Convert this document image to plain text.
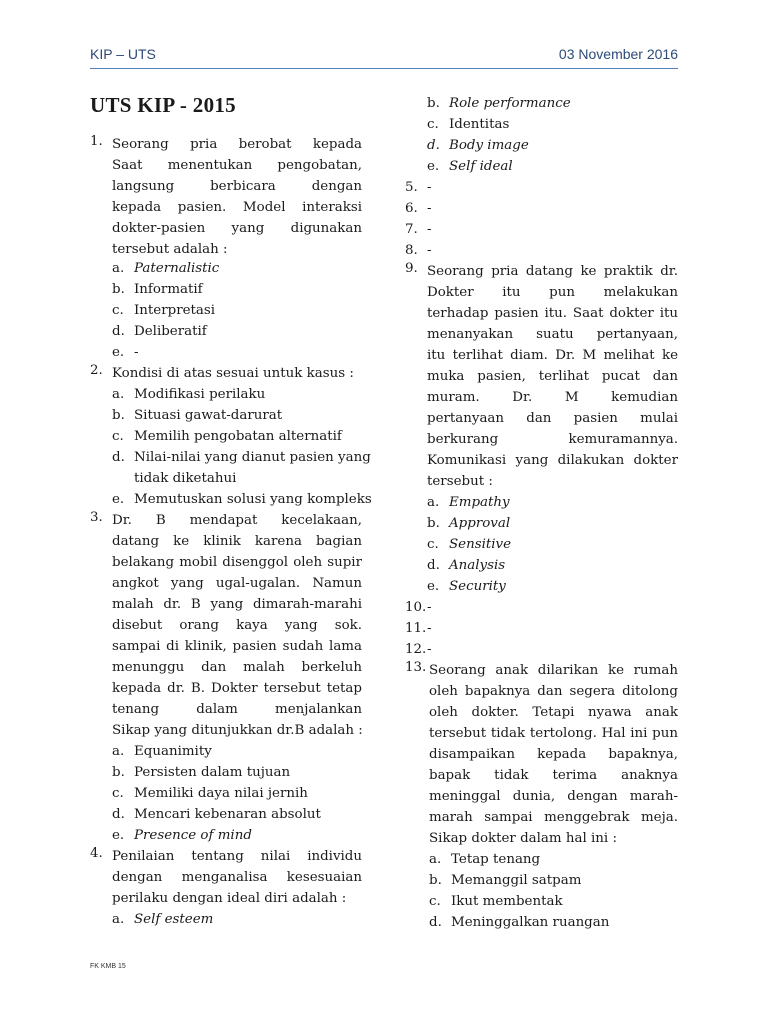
KIP – UTS	03 November 2016
UTS KIP - 2015
1. Seorang pria berobat kepada
Saat menentukan pengobatan,
langsung berbicara dengan
kepada pasien. Model interaksi
dokter-pasien yang digunakan
tersebut adalah :
a. Paternalistic
b. Informatif
c. Interpretasi
d. Deliberatif
e. -
2. Kondisi di atas sesuai untuk kasus :
a. Modifikasi perilaku
b. Situasi gawat-darurat
c. Memilih pengobatan alternatif
d. Nilai-nilai yang dianut pasien yang
tidak diketahui
e. Memutuskan solusi yang kompleks
3. Dr. B mendapat kecelakaan,
datang ke klinik karena bagian
belakang mobil disenggol oleh supir
angkot yang ugal-ugalan. Namun
malah dr. B yang dimarah-marahi
disebut orang kaya yang sok.
sampai di klinik, pasien sudah lama
menunggu dan malah berkeluh
kepada dr. B. Dokter tersebut tetap
tenang dalam menjalankan
Sikap yang ditunjukkan dr.B adalah :
a. Equanimity
b. Persisten dalam tujuan
c. Memiliki daya nilai jernih
d. Mencari kebenaran absolut
e. Presence of mind
4. Penilaian tentang nilai individu
dengan menganalisa kesesuaian
perilaku dengan ideal diri adalah :
a. Self esteem
b. Role performance
c. Identitas
d. Body image
e. Self ideal
5. -
6. -
7. -
8. -
9. Seorang pria datang ke praktik dr.
Dokter itu pun melakukan
terhadap pasien itu. Saat dokter itu
menanyakan suatu pertanyaan,
itu terlihat diam. Dr. M melihat ke
muka pasien, terlihat pucat dan
muram. Dr. M kemudian
pertanyaan dan pasien mulai
berkurang kemuramannya.
Komunikasi yang dilakukan dokter
tersebut :
a. Empathy
b. Approval
c. Sensitive
d. Analysis
e. Security
10. -
11. -
12. -
13. Seorang anak dilarikan ke rumah
oleh bapaknya dan segera ditolong
oleh dokter. Tetapi nyawa anak
tersebut tidak tertolong. Hal ini pun
disampaikan kepada bapaknya,
bapak tidak terima anaknya
meninggal dunia, dengan marah-
marah sampai menggebrak meja.
Sikap dokter dalam hal ini :
a. Tetap tenang
b. Memanggil satpam
c. Ikut membentak
d. Meninggalkan ruangan
FK KMB 15
